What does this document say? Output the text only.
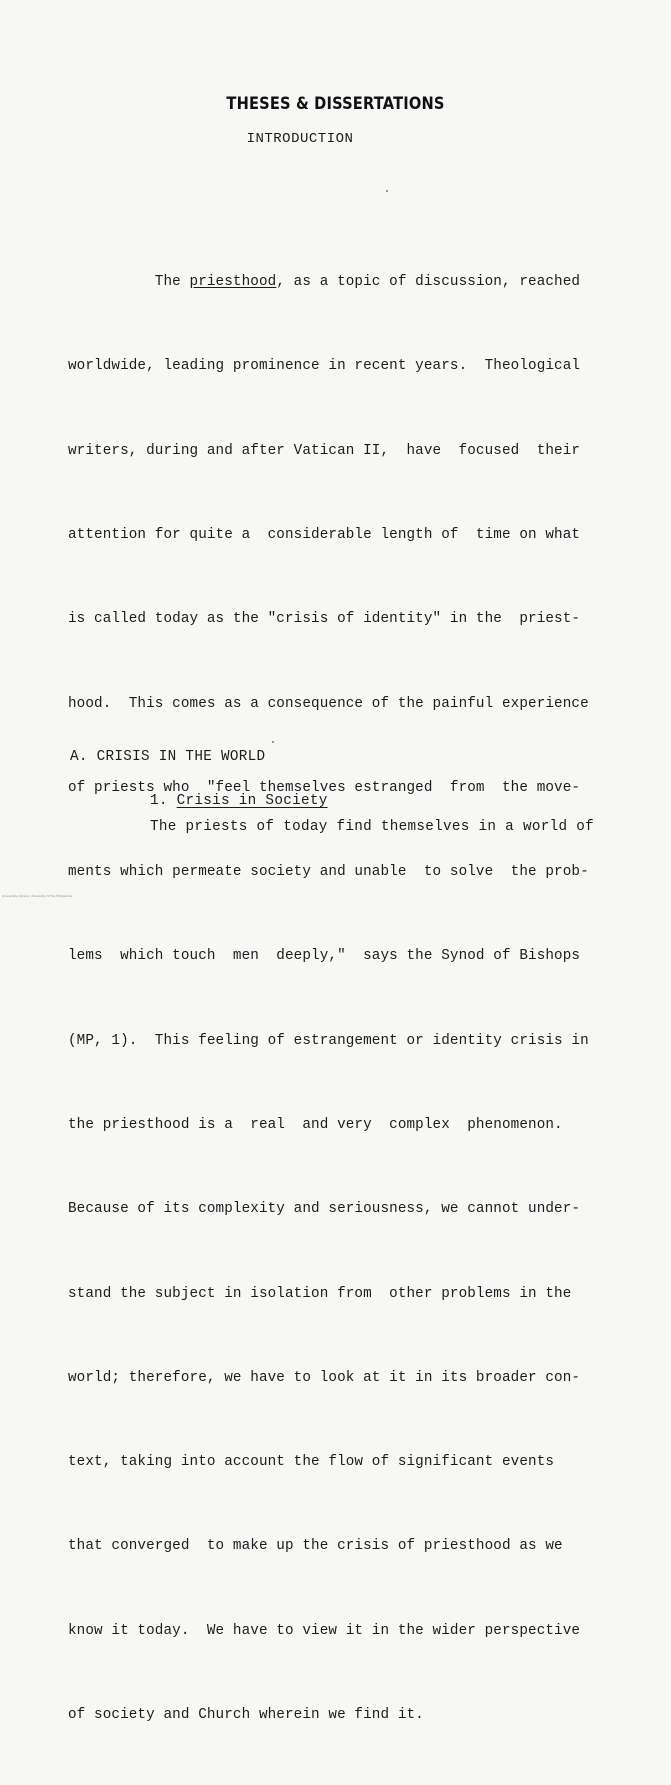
THESES & DISSERTATIONS
INTRODUCTION

The priesthood, as a topic of discussion, reached

worldwide, leading prominence in recent years.  Theological

writers, during and after Vatican II,  have  focused  their

attention for quite a  considerable length of  time on what

is called today as the "crisis of identity" in the  priest-

hood.  This comes as a consequence of the painful experience

of priests who  "feel themselves estranged  from  the move-

ments which permeate society and unable  to solve  the prob-

lems  which touch  men  deeply,"  says the Synod of Bishops

(MP, 1).  This feeling of estrangement or identity crisis in

the priesthood is a  real  and very  complex  phenomenon.

Because of its complexity and seriousness, we cannot under-

stand the subject in isolation from  other problems in the

world; therefore, we have to look at it in its broader con-

text, taking into account the flow of significant events

that converged  to make up the crisis of priesthood as we

know it today.  We have to view it in the wider perspective

of society and Church wherein we find it.

A. CRISIS IN THE WORLD
1. Crisis in Society
The priests of today find themselves in a world of
University Library, University of the Philippines
